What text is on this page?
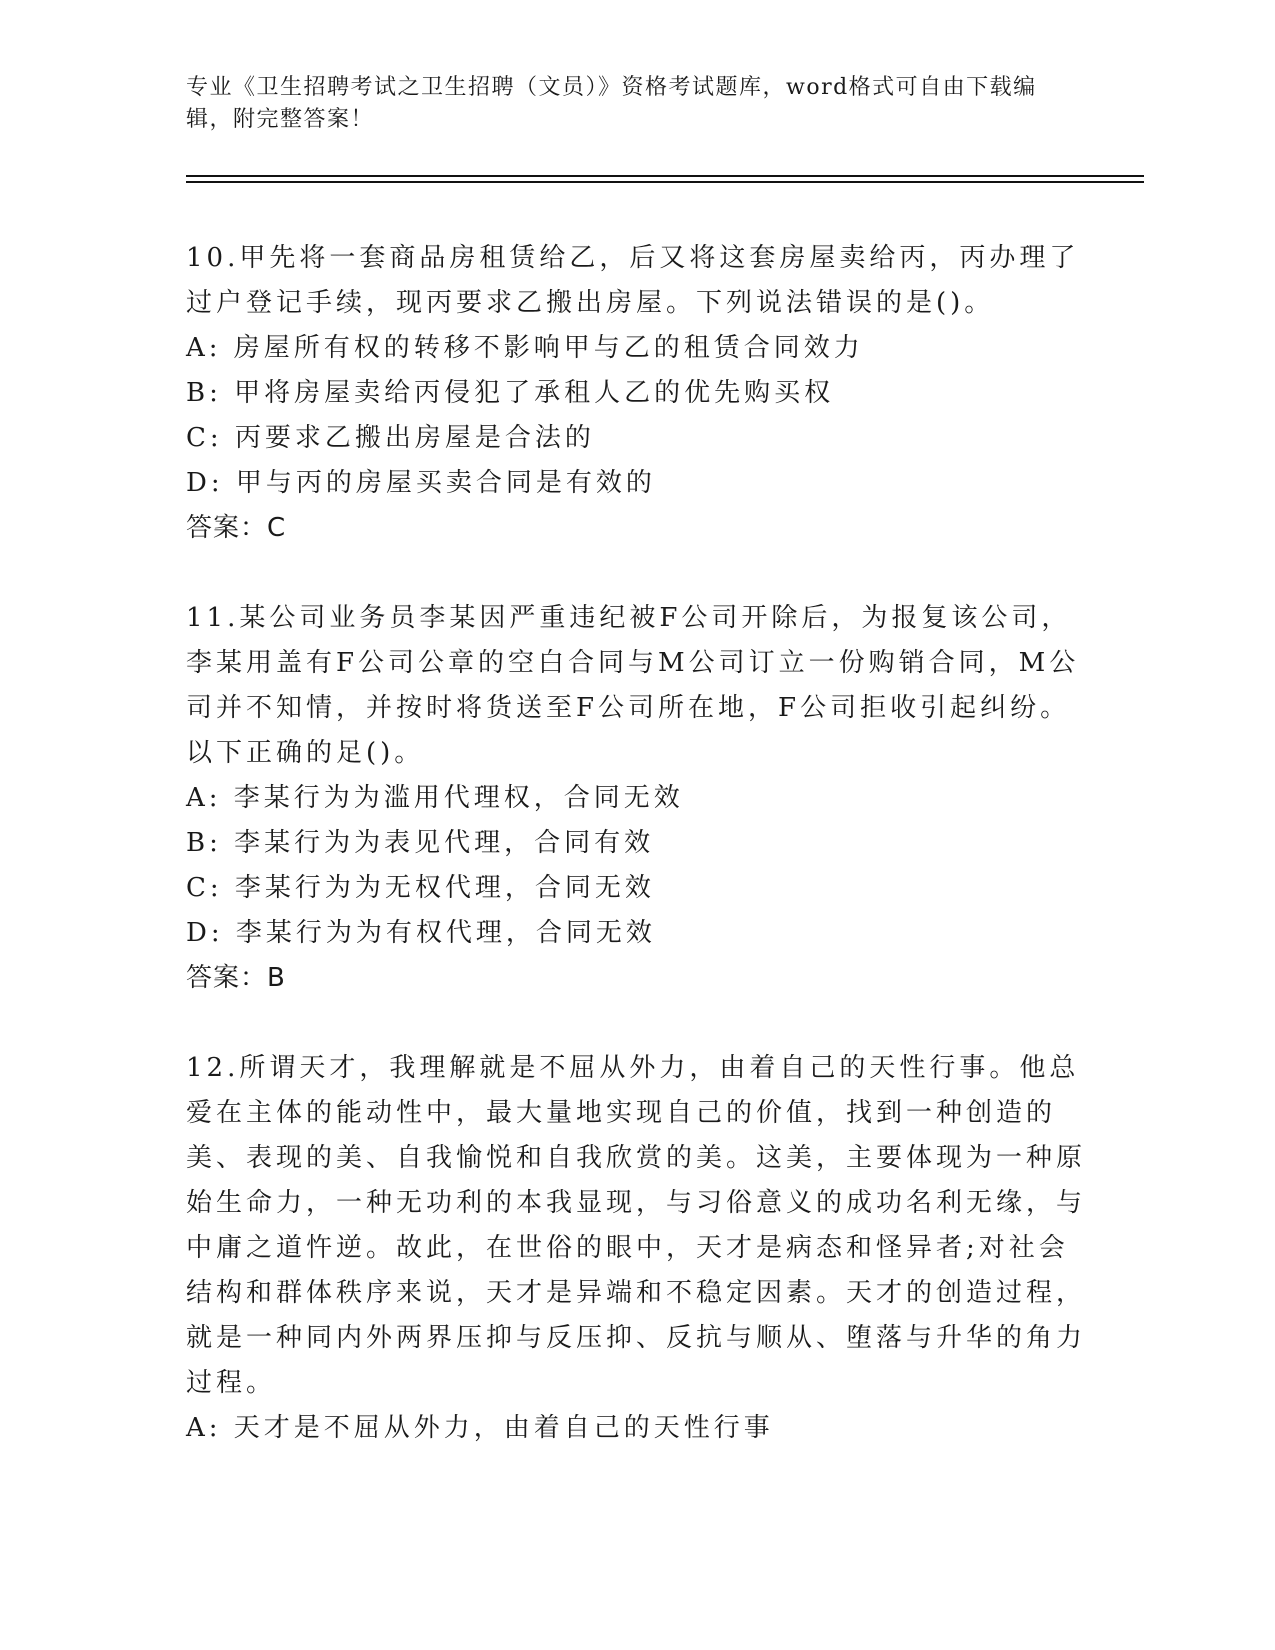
专业《卫生招聘考试之卫生招聘（文员）》资格考试题库，word格式可自由下载编辑，附完整答案！

10.甲先将一套商品房租赁给乙，后又将这套房屋卖给丙，丙办理了过户登记手续，现丙要求乙搬出房屋。下列说法错误的是()。

A: 房屋所有权的转移不影响甲与乙的租赁合同效力

B: 甲将房屋卖给丙侵犯了承租人乙的优先购买权

C: 丙要求乙搬出房屋是合法的

D: 甲与丙的房屋买卖合同是有效的

答案：C

11.某公司业务员李某因严重违纪被F公司开除后，为报复该公司，李某用盖有F公司公章的空白合同与M公司订立一份购销合同，M公司并不知情，并按时将货送至F公司所在地，F公司拒收引起纠纷。以下正确的足()。

A: 李某行为为滥用代理权，合同无效

B: 李某行为为表见代理，合同有效

C: 李某行为为无权代理，合同无效

D: 李某行为为有权代理，合同无效

答案：B

12.所谓天才，我理解就是不屈从外力，由着自己的天性行事。他总爱在主体的能动性中，最大量地实现自己的价值，找到一种创造的美、表现的美、自我愉悦和自我欣赏的美。这美，主要体现为一种原始生命力，一种无功利的本我显现，与习俗意义的成功名利无缘，与中庸之道忤逆。故此，在世俗的眼中，天才是病态和怪异者;对社会结构和群体秩序来说，天才是异端和不稳定因素。天才的创造过程，就是一种同内外两界压抑与反压抑、反抗与顺从、堕落与升华的角力过程。

A: 天才是不屈从外力，由着自己的天性行事
